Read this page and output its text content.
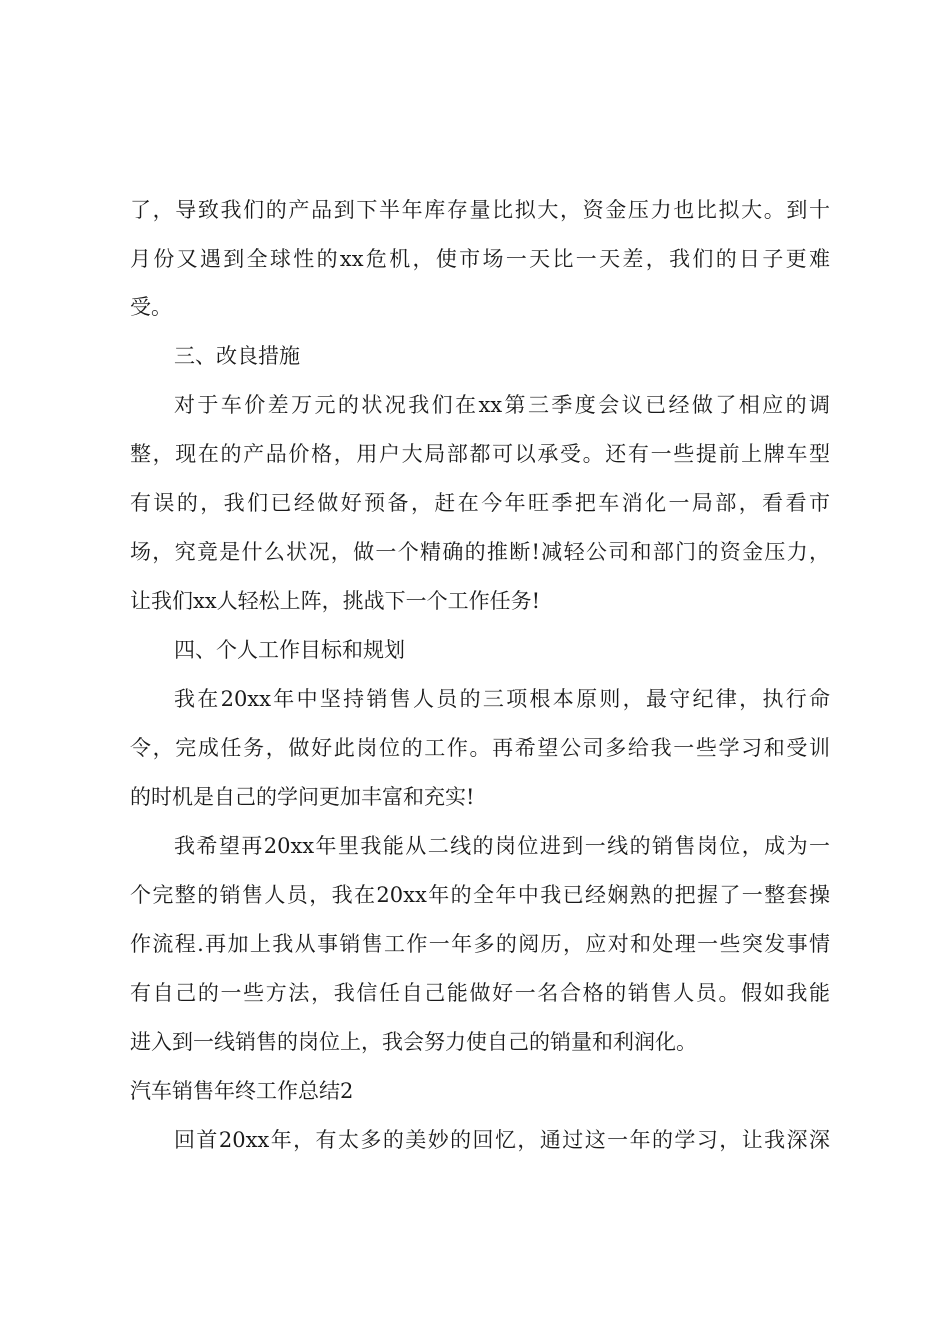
了，导致我们的产品到下半年库存量比拟大，资金压力也比拟大。到十
月份又遇到全球性的xx危机，使市场一天比一天差，我们的日子更难
受。
三、改良措施
对于车价差万元的状况我们在xx第三季度会议已经做了相应的调
整，现在的产品价格，用户大局部都可以承受。还有一些提前上牌车型
有误的，我们已经做好预备，赶在今年旺季把车消化一局部，看看市
场，究竟是什么状况，做一个精确的推断!减轻公司和部门的资金压力，
让我们xx人轻松上阵，挑战下一个工作任务!
四、个人工作目标和规划
我在20xx年中坚持销售人员的三项根本原则，最守纪律，执行命
令，完成任务，做好此岗位的工作。再希望公司多给我一些学习和受训
的时机是自己的学问更加丰富和充实!
我希望再20xx年里我能从二线的岗位进到一线的销售岗位，成为一
个完整的销售人员，我在20xx年的全年中我已经娴熟的把握了一整套操
作流程.再加上我从事销售工作一年多的阅历，应对和处理一些突发事情
有自己的一些方法，我信任自己能做好一名合格的销售人员。假如我能
进入到一线销售的岗位上，我会努力使自己的销量和利润化。
汽车销售年终工作总结2
回首20xx年，有太多的美妙的回忆，通过这一年的学习，让我深深
